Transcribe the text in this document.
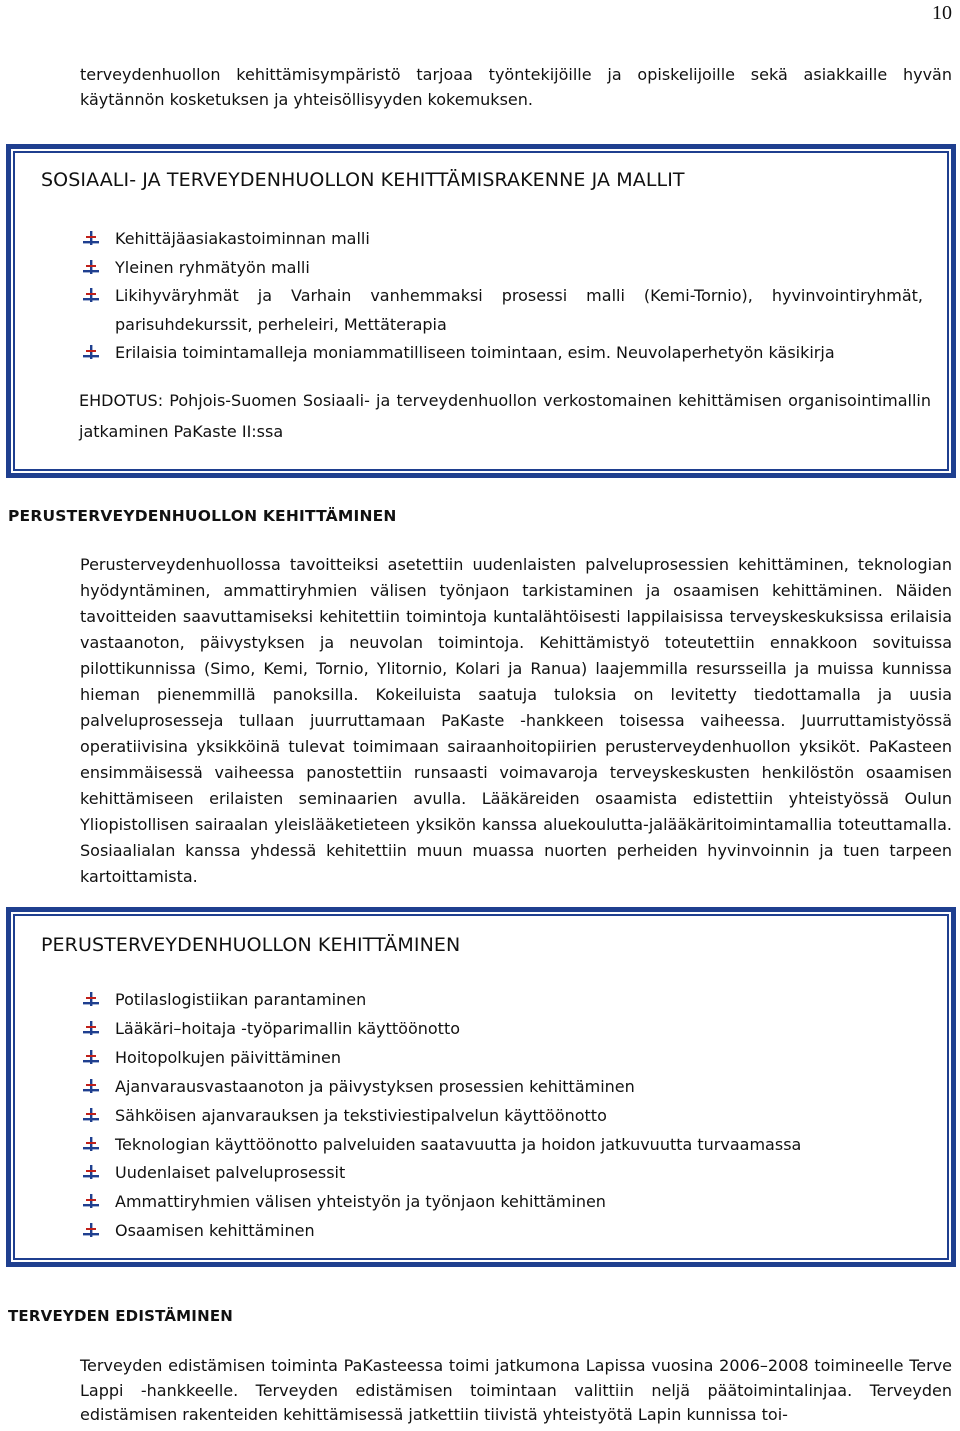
10

terveydenhuollon kehittämisympäristö tarjoaa työntekijöille ja opiskelijoille sekä asiakkaille hyvän käytännön kosketuksen ja yhteisöllisyyden kokemuksen.

SOSIAALI- JA TERVEYDENHUOLLON KEHITTÄMISRAKENNE JA MALLIT
Kehittäjäasiakastoiminnan malli
Yleinen ryhmätyön malli
Likihyväryhmät ja Varhain vanhemmaksi prosessi malli (Kemi-Tornio), hyvinvointiryhmät, parisuhdekurssit, perheleiri, Mettäterapia
Erilaisia toimintamalleja moniammatilliseen toimintaan, esim. Neuvolaperhetyön käsikirja

EHDOTUS: Pohjois-Suomen Sosiaali- ja terveydenhuollon verkostomainen kehittämisen organisointimallin jatkaminen PaKaste II:ssa

PERUSTERVEYDENHUOLLON KEHITTÄMINEN

Perusterveydenhuollossa tavoitteiksi asetettiin uudenlaisten palveluprosessien kehittäminen, teknologian hyödyntäminen, ammattiryhmien välisen työnjaon tarkistaminen ja osaamisen kehittäminen. Näiden tavoitteiden saavuttamiseksi kehitettiin toimintoja kuntalähtöisesti lappilaisissa terveyskeskuksissa erilaisia vastaanoton, päivystyksen ja neuvolan toimintoja. Kehittämistyö toteutettiin ennakkoon sovituissa pilottikunnissa (Simo, Kemi, Tornio, Ylitornio, Kolari ja Ranua) laajemmilla resursseilla ja muissa kunnissa hieman pienemmillä panoksilla. Kokeiluista saatuja tuloksia on levitetty tiedottamalla ja uusia palveluprosesseja tullaan juurruttamaan PaKaste -hankkeen toisessa vaiheessa. Juurruttamistyössä operatiivisina yksikköinä tulevat toimimaan sairaanhoitopiirien perusterveydenhuollon yksiköt. PaKasteen ensimmäisessä vaiheessa panostettiin runsaasti voimavaroja terveyskeskusten henkilöstön osaamisen kehittämiseen erilaisten seminaarien avulla. Lääkäreiden osaamista edistettiin yhteistyössä Oulun Yliopistollisen sairaalan yleislääketieteen yksikön kanssa aluekoulutta-jalääkäritoimintamallia toteuttamalla. Sosiaalialan kanssa yhdessä kehitettiin muun muassa nuorten perheiden hyvinvoinnin ja tuen tarpeen kartoittamista.

PERUSTERVEYDENHUOLLON KEHITTÄMINEN
Potilaslogistiikan parantaminen
Lääkäri–hoitaja -työparimallin käyttöönotto
Hoitopolkujen päivittäminen
Ajanvarausvastaanoton ja päivystyksen prosessien kehittäminen
Sähköisen ajanvarauksen ja tekstiviestipalvelun käyttöönotto
Teknologian käyttöönotto palveluiden saatavuutta ja hoidon jatkuvuutta turvaamassa
Uudenlaiset palveluprosessit
Ammattiryhmien välisen yhteistyön ja työnjaon kehittäminen
Osaamisen kehittäminen
TERVEYDEN EDISTÄMINEN

Terveyden edistämisen toiminta PaKasteessa toimi jatkumona Lapissa vuosina 2006–2008 toimineelle Terve Lappi -hankkeelle. Terveyden edistämisen toimintaan valittiin neljä päätoimintalinjaa. Terveyden edistämisen rakenteiden kehittämisessä jatkettiin tiivistä yhteistyötä Lapin kunnissa toi-
